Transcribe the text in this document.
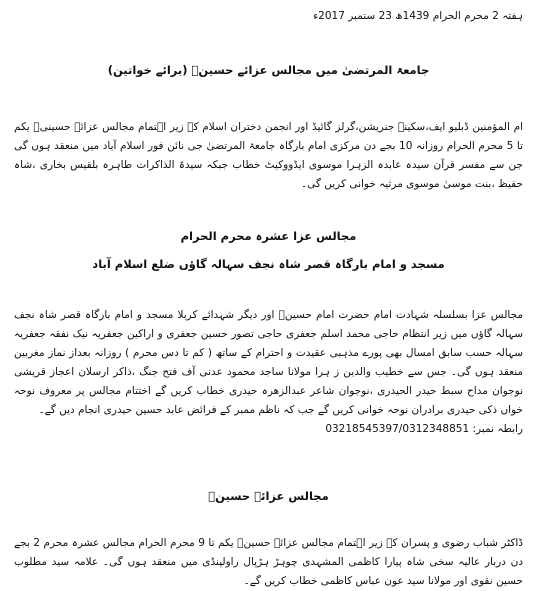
ہفتہ 2 محرم الحرام 1439ھ 23 ستمبر 2017ء
جامعۃ المرتضیٰ میں مجالس عزائے حسینؑ (برائے خواتین)

ام المؤمنین ڈبلیو ایف،سکینہ جنریشن،گرلز گائیڈ اور انجمن دختران اسلام کے زیر اہتمام مجالس عزائے حسینیؑ یکم تا 5 محرم الحرام روزانہ 10 بجے دن مرکزی امام بارگاہ جامعۃ المرتضیٰ جی نائن فور اسلام آباد میں منعقد ہوں گی جن سے مفسر قرآن سیدہ عابدہ الزہرا موسوی ایڈووکیٹ خطاب جبکہ سیدۃ الذاکرات طاہرہ بلقیس بخاری ،شاہ حفیظ ،بنت موسیٰ موسوی مرثیہ خوانی کریں گی۔

مجالس عزا عشرہ محرم الحرام
مسجد و امام بارگاہ قصر شاہ نجف سہالہ گاؤں ضلع اسلام آباد

مجالس عزا بسلسلہ شہادت امام حضرت امام حسینؑ اور دیگر شہدائے کربلا مسجد و امام بارگاہ قصر شاہ نجف سہالہ گاؤں میں زیر انتظام حاجی محمد اسلم جعفری حاجی تصور حسین جعفری و اراکین جعفریہ نیک نفقہ جعفریہ سہالہ حسب سابق امسال بھی پورے مذہبی عقیدت و احترام کے ساتھ ( کم تا دس محرم ) روزانہ بعداز نماز مغربین منعقد ہوں گی۔ جس سے خطیب والدین ز ہرا مولانا ساجد محمود عدنی آف فتح جنگ ،ذاکر ارسلان اعجاز قریشی نوجوان مداح سبط حیدر الحیدری ،نوجوان شاعر عبدالزھرہ حیدری خطاب کریں گے اختتام مجالس پر معروف نوحہ خواں ذکی حیدری برادران نوحہ خوانی کریں گے جب کہ ناظم ممبر کے فرائض عابد حسین حیدری انجام دیں گے۔

رابطہ نمبر: 03218545397/0312348851

مجالس عزائے حسینؑ

ڈاکٹر شباب رضوی و پسران کے زیر اہتمام مجالس عزائے حسینؑ یکم تا 9 محرم الحرام مجالس عشرہ محرم 2 بجے دن دربار عالیہ سخی شاہ پیارا کاظمی المشہدی چوہڑ ہڑپال راولپنڈی میں منعقد ہوں گی۔ علامہ سید مطلوب حسین نقوی اور مولانا سید عون عباس کاظمی خطاب کریں گے۔
